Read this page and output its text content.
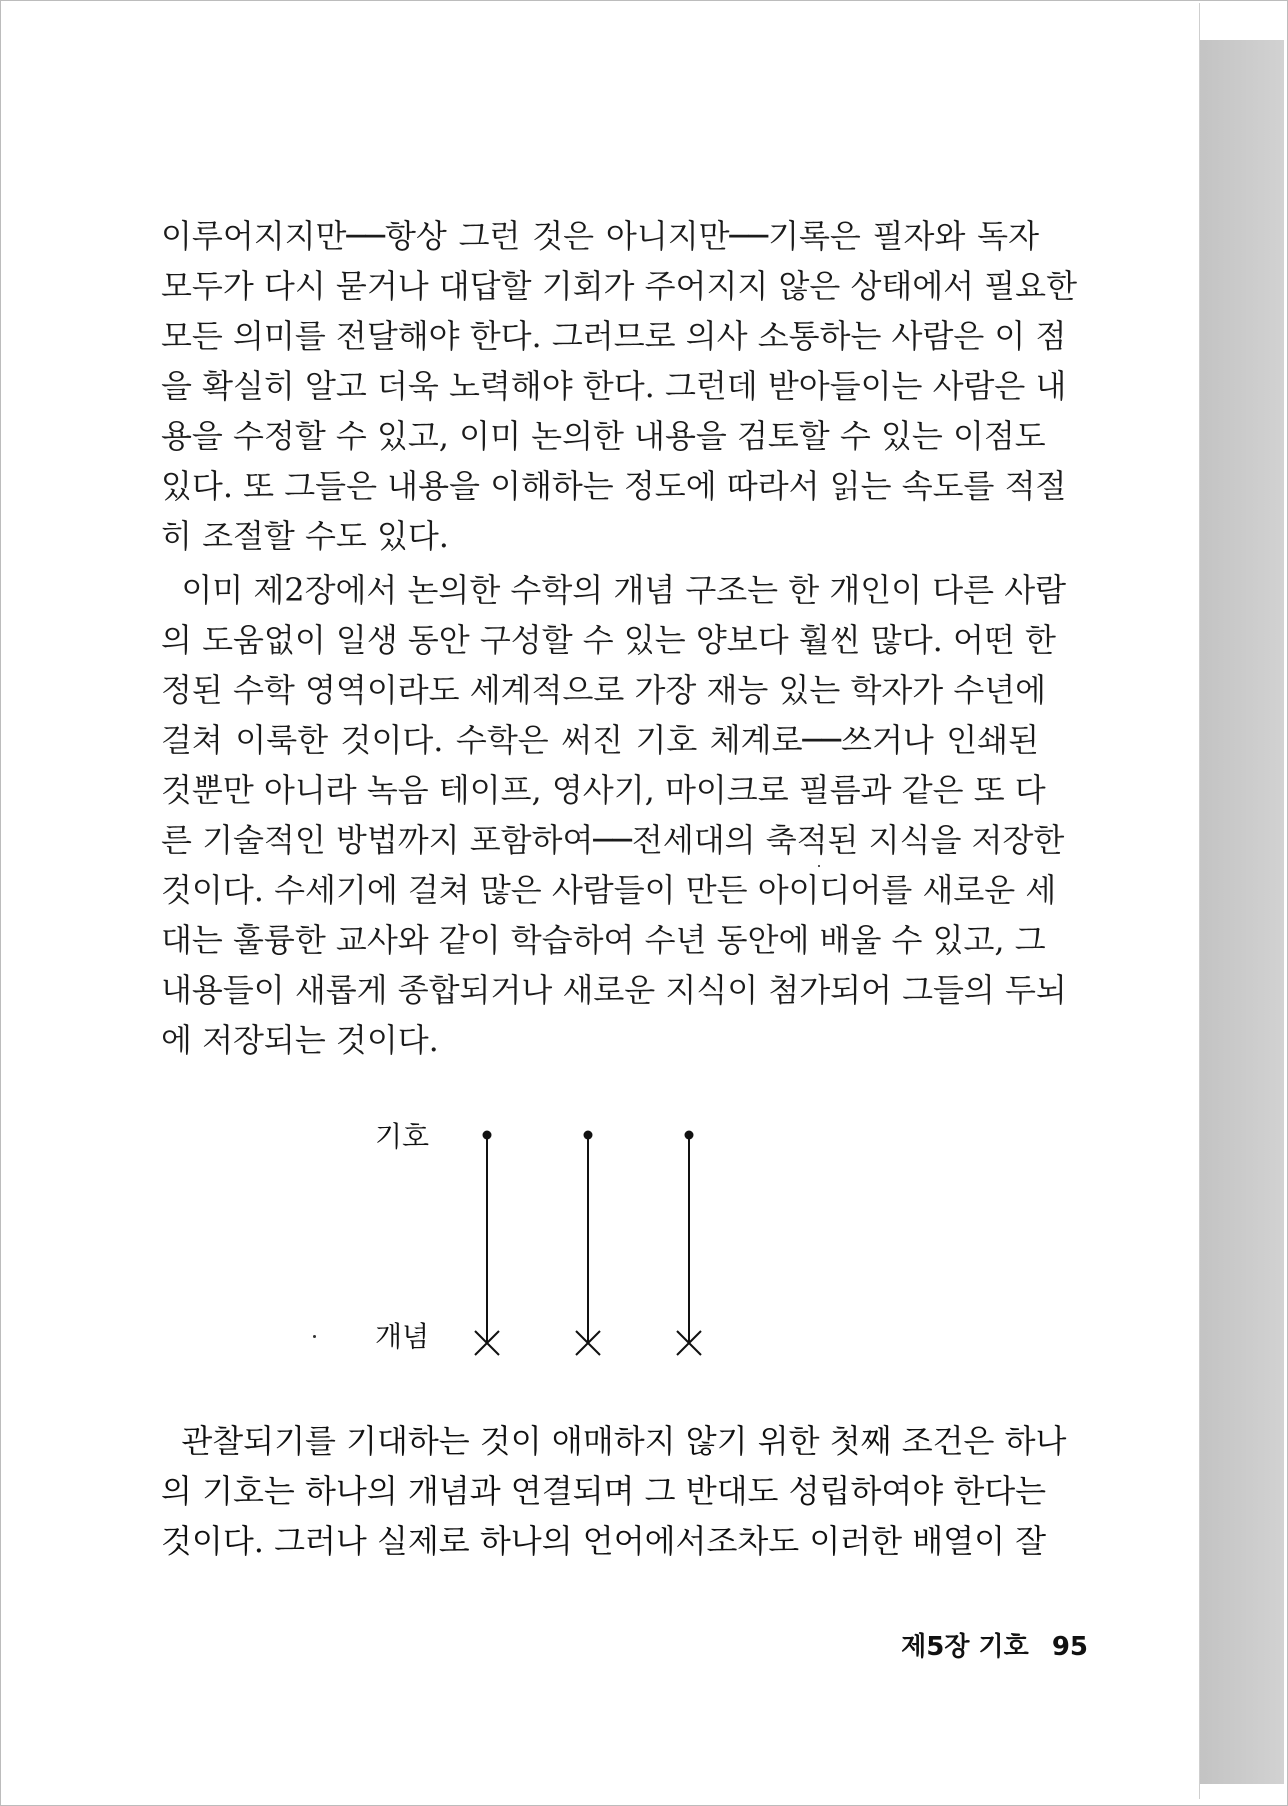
이루어지지만──항상 그런 것은 아니지만──기록은 필자와 독자
모두가 다시 묻거나 대답할 기회가 주어지지 않은 상태에서 필요한
모든 의미를 전달해야 한다. 그러므로 의사 소통하는 사람은 이 점
을 확실히 알고 더욱 노력해야 한다. 그런데 받아들이는 사람은 내
용을 수정할 수 있고, 이미 논의한 내용을 검토할 수 있는 이점도
있다. 또 그들은 내용을 이해하는 정도에 따라서 읽는 속도를 적절
히 조절할 수도 있다.
이미 제2장에서 논의한 수학의 개념 구조는 한 개인이 다른 사람
의 도움없이 일생 동안 구성할 수 있는 양보다 훨씬 많다. 어떤 한
정된 수학 영역이라도 세계적으로 가장 재능 있는 학자가 수년에
걸쳐 이룩한 것이다. 수학은 써진 기호 체계로──쓰거나 인쇄된
것뿐만 아니라 녹음 테이프, 영사기, 마이크로 필름과 같은 또 다
른 기술적인 방법까지 포함하여──전세대의 축적된 지식을 저장한
것이다. 수세기에 걸쳐 많은 사람들이 만든 아이디어를 새로운 세
대는 훌륭한 교사와 같이 학습하여 수년 동안에 배울 수 있고, 그
내용들이 새롭게 종합되거나 새로운 지식이 첨가되어 그들의 두뇌
에 저장되는 것이다.
기호
개념
관찰되기를 기대하는 것이 애매하지 않기 위한 첫째 조건은 하나
의 기호는 하나의 개념과 연결되며 그 반대도 성립하여야 한다는
것이다. 그러나 실제로 하나의 언어에서조차도 이러한 배열이 잘
제5장 기호 95
